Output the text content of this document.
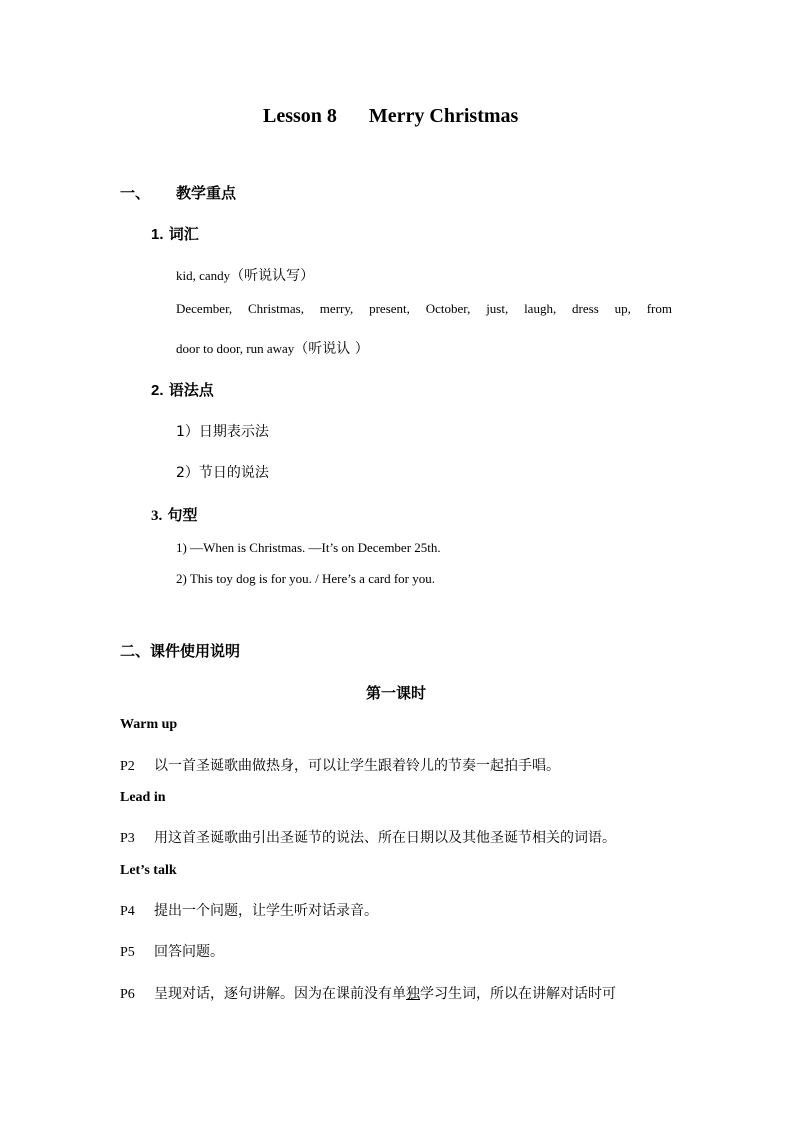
Lesson 8 Merry Christmas
一、 教学重点
1. 词汇
kid, candy（听说认写）
December, Christmas, merry, present, October, just, laugh, dress up, from
door to door, run away（听说认 ）
2. 语法点
1）日期表示法
2）节日的说法
3. 句型
1) —When is Christmas. —It’s on December 25th.
2) This toy dog is for you. / Here’s a card for you.
二、课件使用说明
第一课时
Warm up
P2 以一首圣诞歌曲做热身，可以让学生跟着铃儿的节奏一起拍手唱。
Lead in
P3 用这首圣诞歌曲引出圣诞节的说法、所在日期以及其他圣诞节相关的词语。
Let’s talk
P4 提出一个问题，让学生听对话录音。
P5 回答问题。
P6 呈现对话，逐句讲解。因为在课前没有单独学习生词，所以在讲解对话时可
